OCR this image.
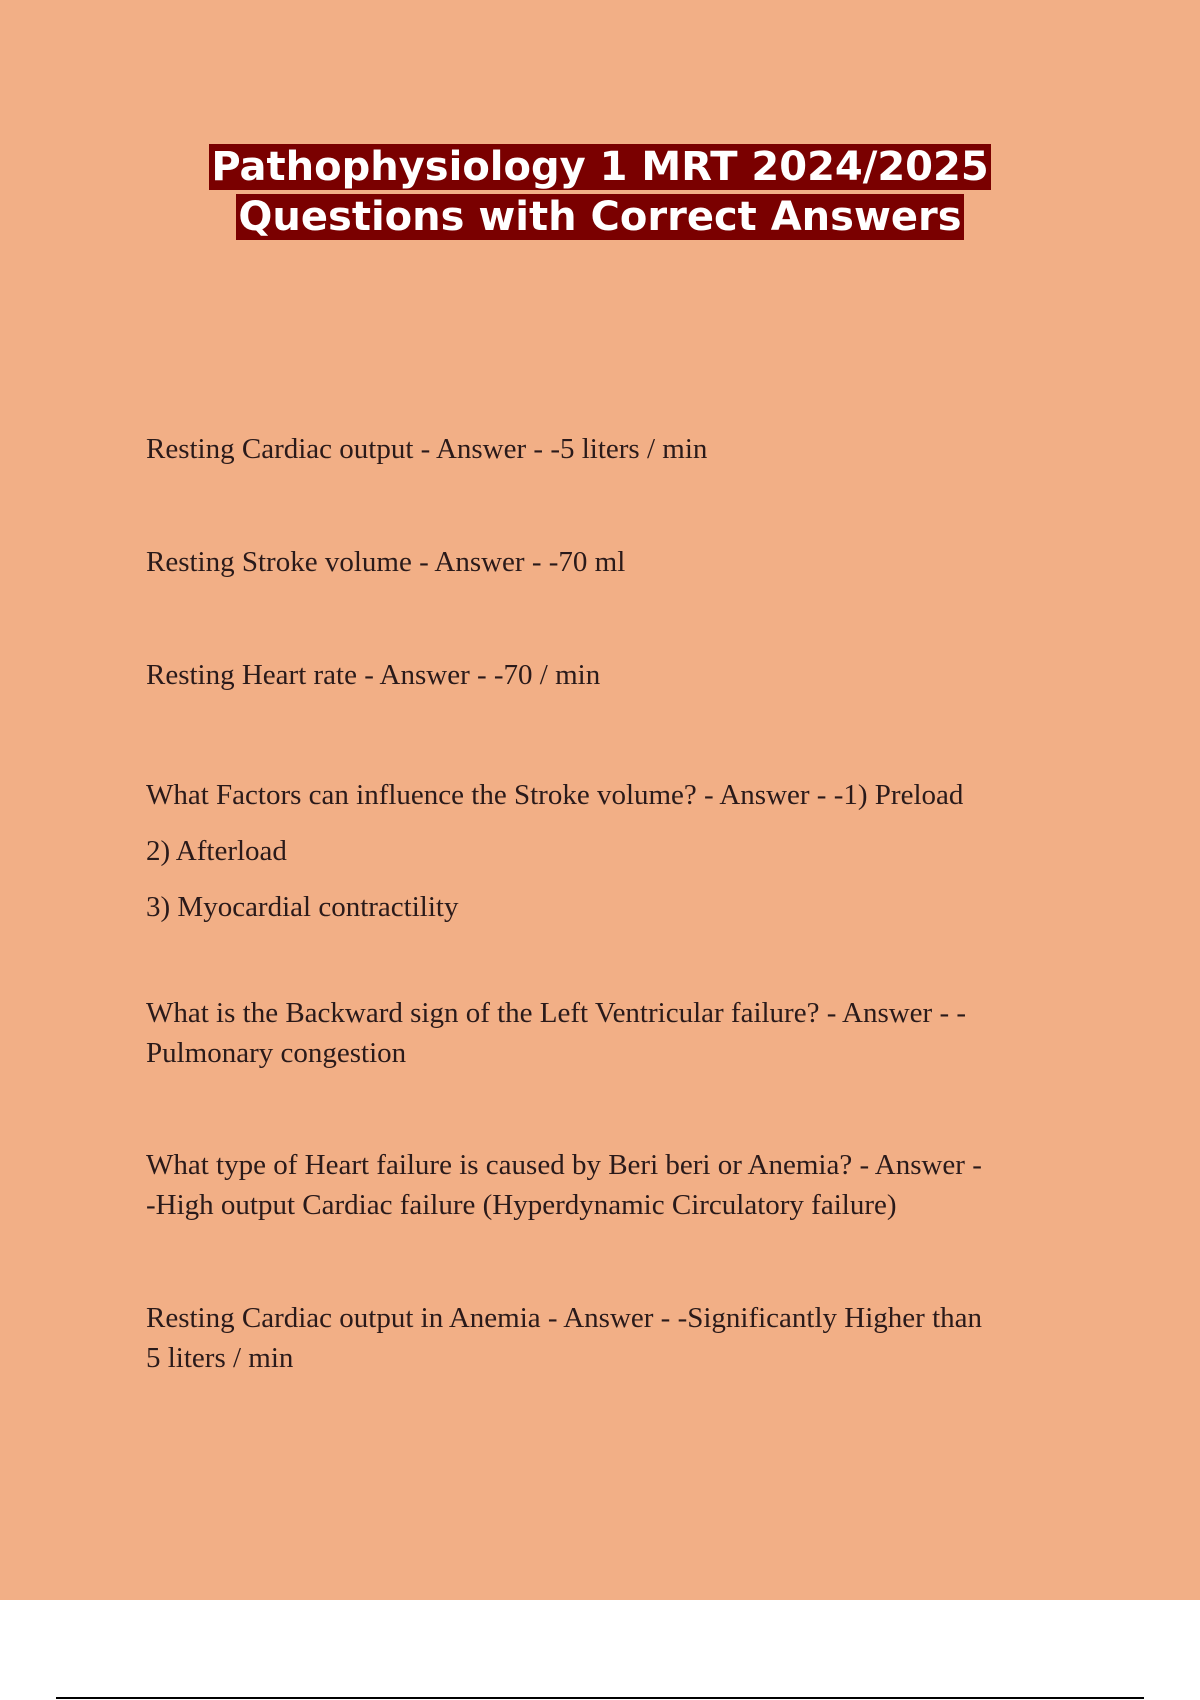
Pathophysiology 1 MRT 2024/2025
Questions with Correct Answers
Resting Cardiac output - Answer - -5 liters / min
Resting Stroke volume - Answer - -70 ml
Resting Heart rate - Answer - -70 / min
What Factors can influence the Stroke volume? - Answer - -1) Preload
2) Afterload
3) Myocardial contractility
What is the Backward sign of the Left Ventricular failure? - Answer - -
Pulmonary congestion
What type of Heart failure is caused by Beri beri or Anemia? - Answer -
-High output Cardiac failure (Hyperdynamic Circulatory failure)
Resting Cardiac output in Anemia - Answer - -Significantly Higher than
5 liters / min
